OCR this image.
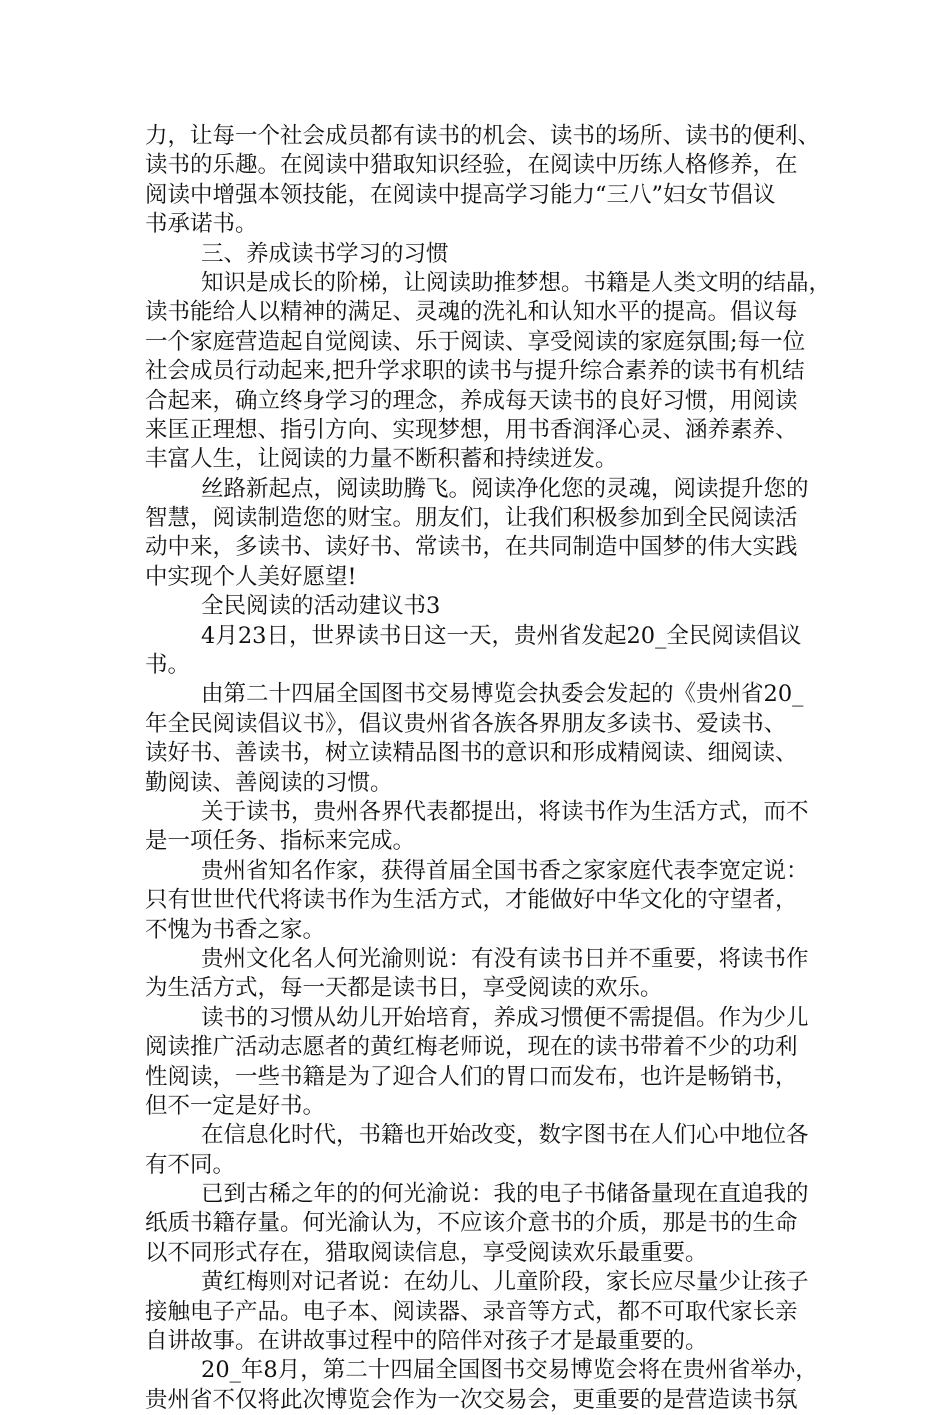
力，让每一个社会成员都有读书的机会、读书的场所、读书的便利、
读书的乐趣。在阅读中猎取知识经验，在阅读中历练人格修养，在
阅读中增强本领技能，在阅读中提高学习能力“三八”妇女节倡议
书承诺书。
三、养成读书学习的习惯
知识是成长的阶梯，让阅读助推梦想。书籍是人类文明的结晶，
读书能给人以精神的满足、灵魂的洗礼和认知水平的提高。倡议每
一个家庭营造起自觉阅读、乐于阅读、享受阅读的家庭氛围;每一位
社会成员行动起来,把升学求职的读书与提升综合素养的读书有机结
合起来，确立终身学习的理念，养成每天读书的良好习惯，用阅读
来匡正理想、指引方向、实现梦想，用书香润泽心灵、涵养素养、
丰富人生，让阅读的力量不断积蓄和持续迸发。
丝路新起点，阅读助腾飞。阅读净化您的灵魂，阅读提升您的
智慧，阅读制造您的财宝。朋友们，让我们积极参加到全民阅读活
动中来，多读书、读好书、常读书，在共同制造中国梦的伟大实践
中实现个人美好愿望!
全民阅读的活动建议书3
4月23日，世界读书日这一天，贵州省发起20_全民阅读倡议
书。
由第二十四届全国图书交易博览会执委会发起的《贵州省20_
年全民阅读倡议书》，倡议贵州省各族各界朋友多读书、爱读书、
读好书、善读书，树立读精品图书的意识和形成精阅读、细阅读、
勤阅读、善阅读的习惯。
关于读书，贵州各界代表都提出，将读书作为生活方式，而不
是一项任务、指标来完成。
贵州省知名作家，获得首届全国书香之家家庭代表李宽定说：
只有世世代代将读书作为生活方式，才能做好中华文化的守望者，
不愧为书香之家。
贵州文化名人何光渝则说：有没有读书日并不重要，将读书作
为生活方式，每一天都是读书日，享受阅读的欢乐。
读书的习惯从幼儿开始培育，养成习惯便不需提倡。作为少儿
阅读推广活动志愿者的黄红梅老师说，现在的读书带着不少的功利
性阅读，一些书籍是为了迎合人们的胃口而发布，也许是畅销书，
但不一定是好书。
在信息化时代，书籍也开始改变，数字图书在人们心中地位各
有不同。
已到古稀之年的的何光渝说：我的电子书储备量现在直追我的
纸质书籍存量。何光渝认为，不应该介意书的介质，那是书的生命
以不同形式存在，猎取阅读信息，享受阅读欢乐最重要。
黄红梅则对记者说：在幼儿、儿童阶段，家长应尽量少让孩子
接触电子产品。电子本、阅读器、录音等方式，都不可取代家长亲
自讲故事。在讲故事过程中的陪伴对孩子才是最重要的。
20_年8月，第二十四届全国图书交易博览会将在贵州省举办，
贵州省不仅将此次博览会作为一次交易会，更重要的是营造读书氛
